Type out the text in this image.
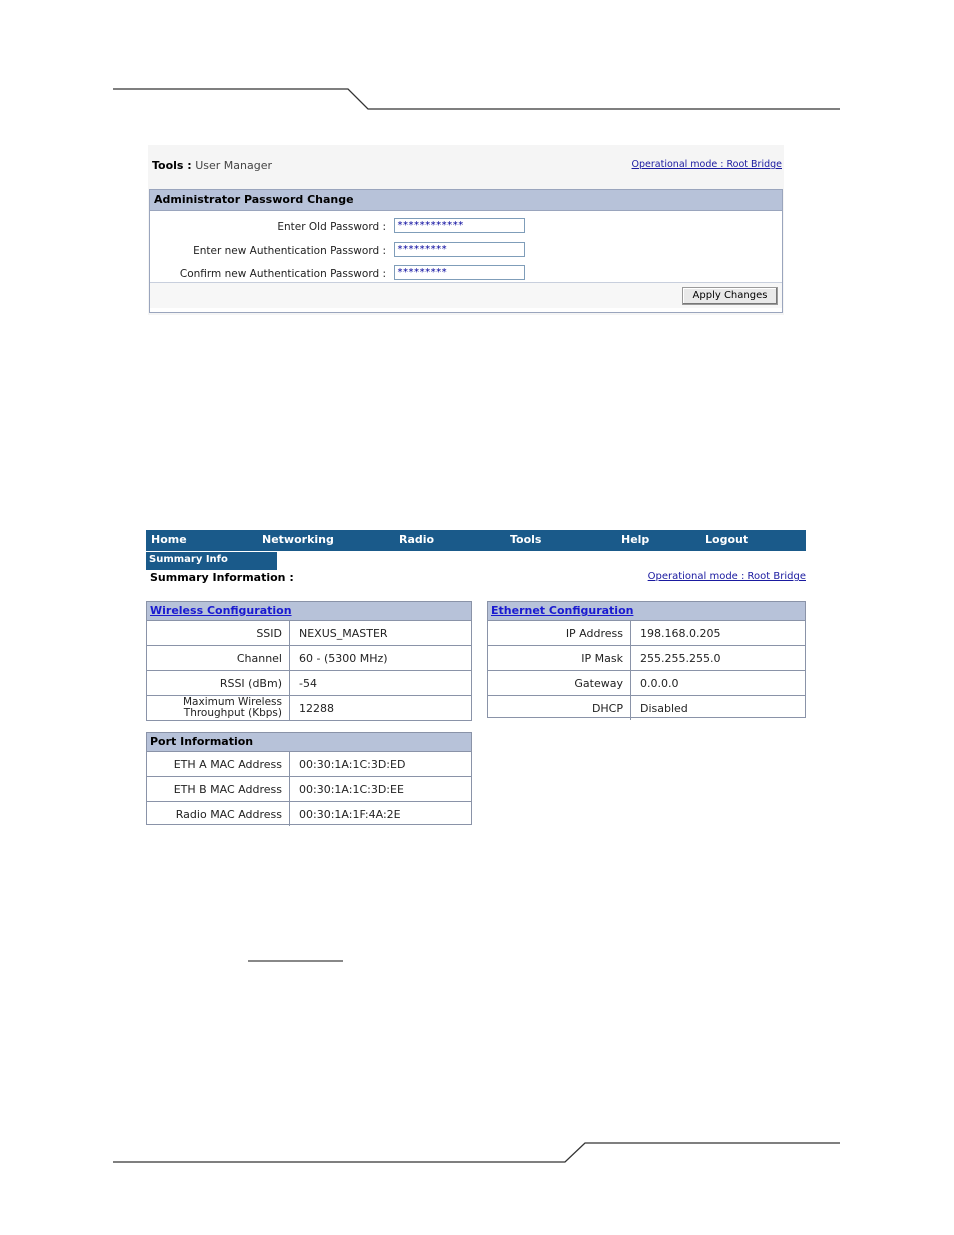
Tools : User Manager	Operational mode : Root Bridge
Administrator Password Change
Enter Old Password :	************
Enter new Authentication Password :	*********
Confirm new Authentication Password :	*********
Apply Changes
Home	Networking	Radio	Tools	Help	Logout
Summary Info
Summary Information :	Operational mode : Root Bridge
Wireless Configuration
SSID	NEXUS_MASTER
Channel	60 - (5300 MHz)
RSSI (dBm)	-54
Maximum Wireless Throughput (Kbps)	12288
Ethernet Configuration
IP Address	198.168.0.205
IP Mask	255.255.255.0
Gateway	0.0.0.0
DHCP	Disabled
Port Information
ETH A MAC Address	00:30:1A:1C:3D:ED
ETH B MAC Address	00:30:1A:1C:3D:EE
Radio MAC Address	00:30:1A:1F:4A:2E
